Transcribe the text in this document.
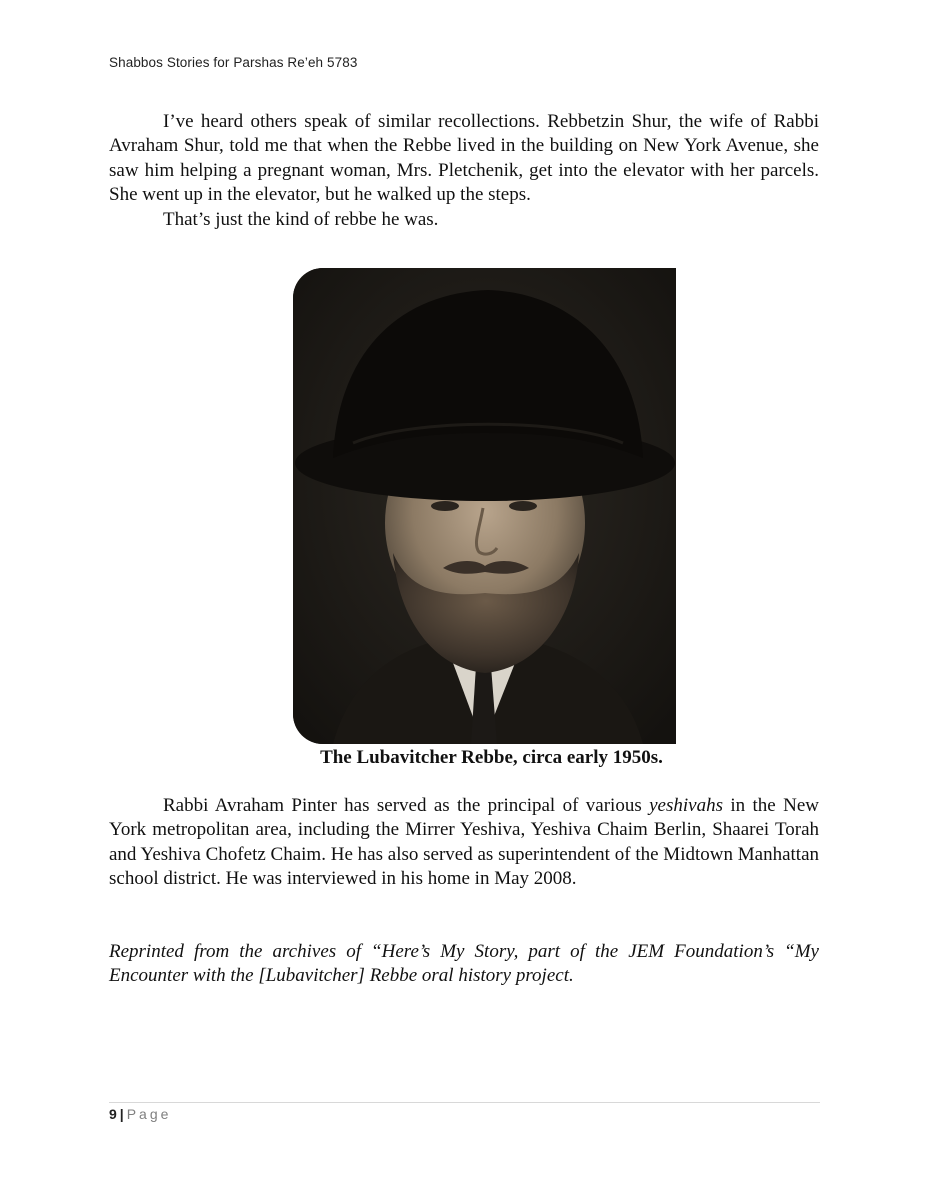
Shabbos Stories for Parshas Re’eh 5783

I’ve heard others speak of similar recollections. Rebbetzin Shur, the wife of Rabbi Avraham Shur, told me that when the Rebbe lived in the building on New York Avenue, she saw him helping a pregnant woman, Mrs. Pletchenik, get into the elevator with her parcels. She went up in the elevator, but he walked up the steps.

That’s just the kind of rebbe he was.

The Lubavitcher Rebbe, circa early 1950s.

Rabbi Avraham Pinter has served as the principal of various yeshivahs in the New York metropolitan area, including the Mirrer Yeshiva, Yeshiva Chaim Berlin, Shaarei Torah and Yeshiva Chofetz Chaim. He has also served as superintendent of the Midtown Manhattan school district. He was interviewed in his home in May 2008.

Reprinted from the archives of “Here’s My Story, part of the JEM Foundation’s “My Encounter with the [Lubavitcher] Rebbe oral history project.

9 | Page
